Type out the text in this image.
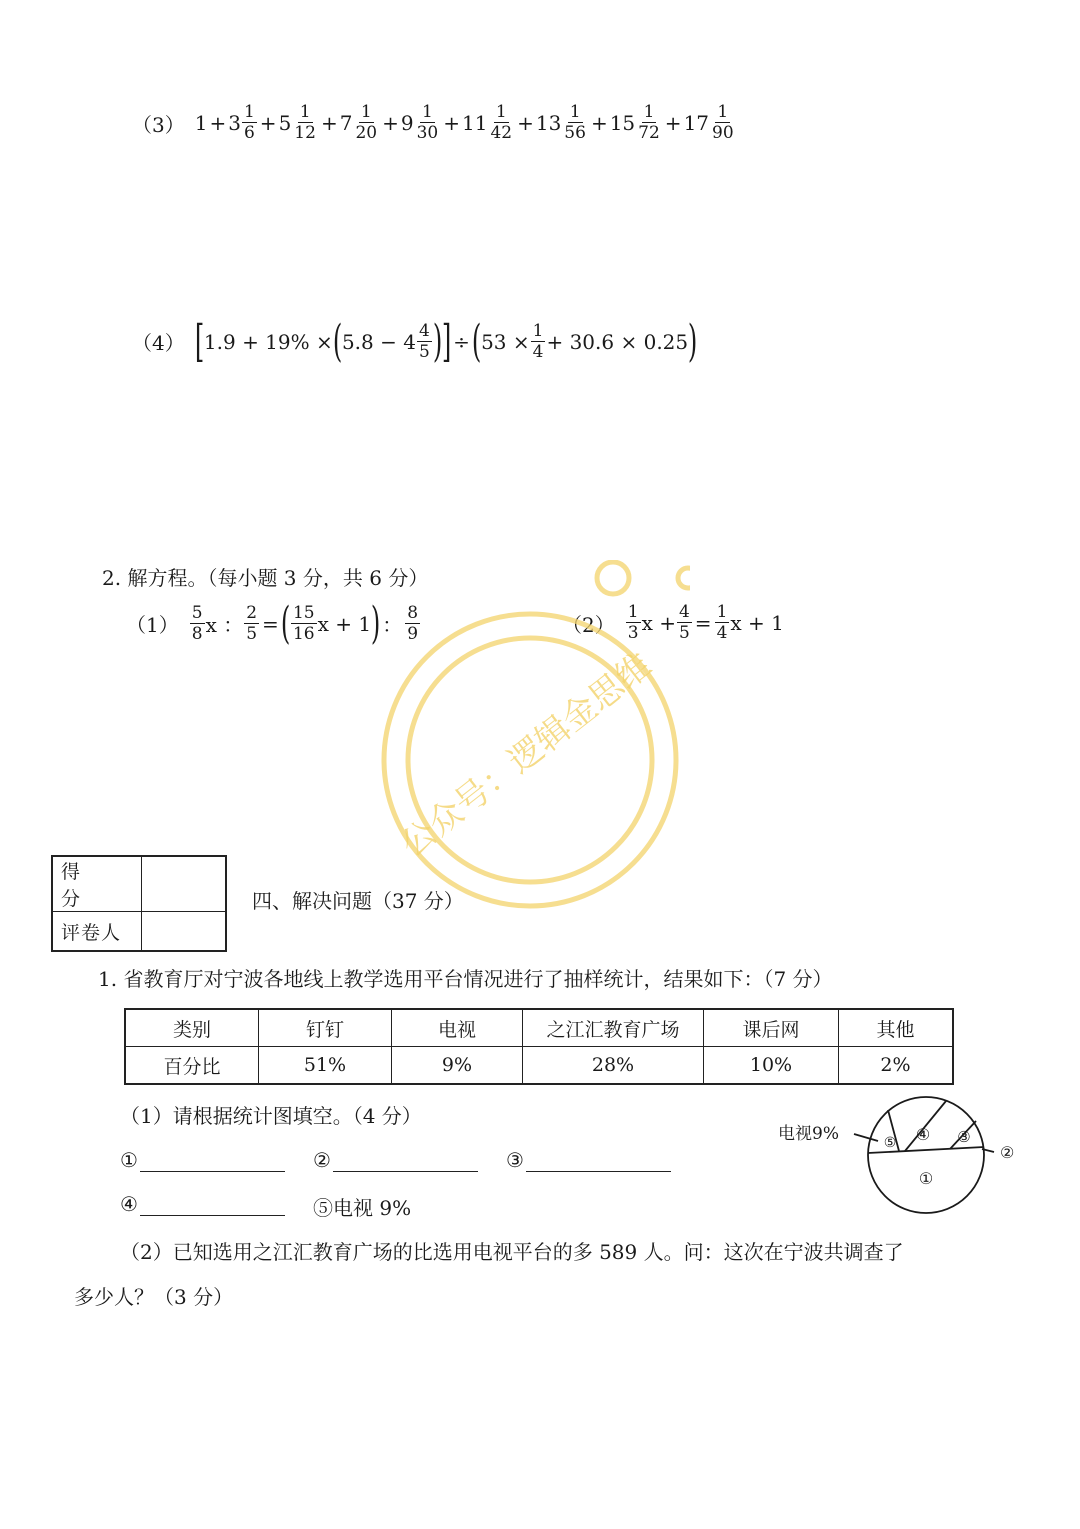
（3） $1 + 3 \frac{1}{6} + 5 \frac{1}{12} + 7 \frac{1}{20} + 9 \frac{1}{30} + 11 \frac{1}{42} + 13 \frac{1}{56} + 15 \frac{1}{72} + 17 \frac{1}{90}$
（4） [ 1.9 + 19% × ( $5.8 - 4 \frac{4}{5}$ ) ] ÷ ( $53 \times \frac{1}{4} + 30.6 \times 0.25$ )
2. 解方程。（每小题 3 分，共 6 分）
$(1) \frac{5}{8}$ x ： $\frac{2}{5}$ = ( $\frac{15}{16}$ x + 1 ) ： $\frac{8}{9}$	$(2) \frac{1}{3}$ $x + \frac{4}{5} = \frac{1}{4}$ x + 1
公众号：逻辑金思维
得　分	
评卷人	
四、解决问题（37 分）
1. 省教育厅对宁波各地线上教学选用平台情况进行了抽样统计，结果如下：（7 分）
类别	钉钉	电视	之江汇教育广场	课后网	其他
百分比	51%	9%	28%	10%	2%
（1）请根据统计图填空。（4 分）
①	②	③
④	⑤电视 9%
电视9%
①
②
③
④
⑤
（2）已知选用之江汇教育广场的比选用电视平台的多 589 人。问：这次在宁波共调查了
多少人？（3 分）
